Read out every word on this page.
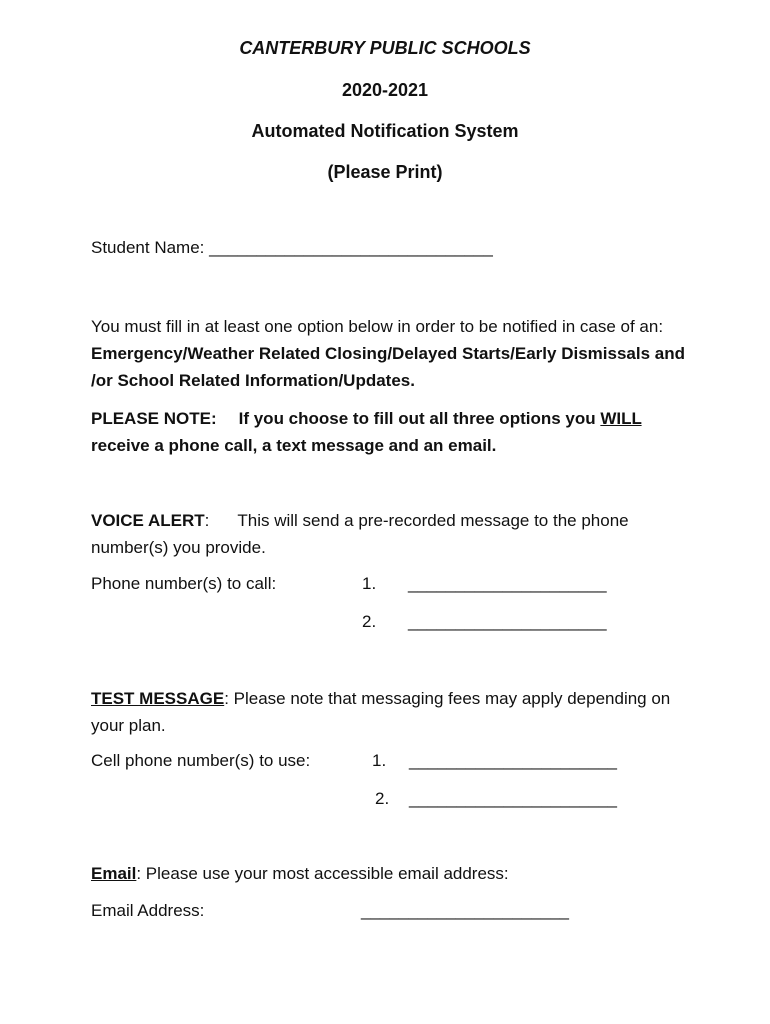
CANTERBURY PUBLIC SCHOOLS
2020-2021
Automated Notification System
(Please Print)
Student Name: ______________________________
You must fill in at least one option below in order to be notified in case of an: Emergency/Weather Related Closing/Delayed Starts/Early Dismissals and /or School Related Information/Updates.
PLEASE NOTE: If you choose to fill out all three options you WILL receive a phone call, a text message and an email.
VOICE ALERT: This will send a pre-recorded message to the phone number(s) you provide.
Phone number(s) to call:	1. _____________________
2. _____________________
TEST MESSAGE: Please note that messaging fees may apply depending on your plan.
Cell phone number(s) to use:	1. ______________________
2. ______________________
Email: Please use your most accessible email address:
Email Address:	______________________
